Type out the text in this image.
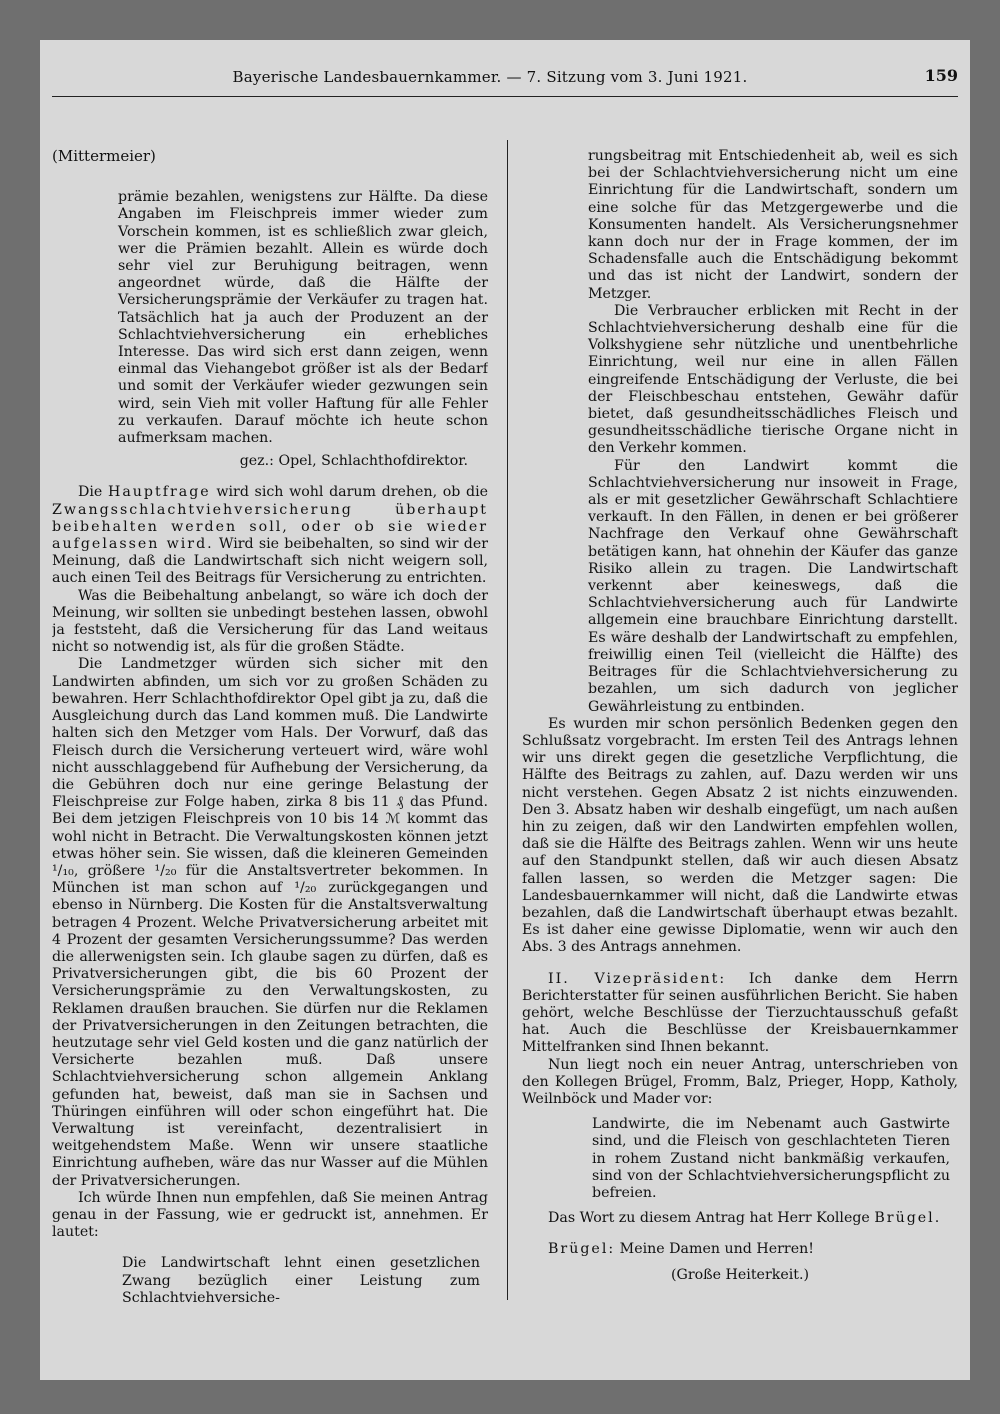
Bayerische Landesbauernkammer. — 7. Sitzung vom 3. Juni 1921.	159
(Mittermeier)

prämie bezahlen, wenigstens zur Hälfte. Da diese Angaben im Fleischpreis immer wieder zum Vorschein kommen, ist es schließlich zwar gleich, wer die Prämien bezahlt. Allein es würde doch sehr viel zur Beruhigung beitragen, wenn angeordnet würde, daß die Hälfte der Versicherungsprämie der Verkäufer zu tragen hat. Tatsächlich hat ja auch der Produzent an der Schlachtviehversicherung ein erhebliches Interesse. Das wird sich erst dann zeigen, wenn einmal das Viehangebot größer ist als der Bedarf und somit der Verkäufer wieder gezwungen sein wird, sein Vieh mit voller Haftung für alle Fehler zu verkaufen. Darauf möchte ich heute schon aufmerksam machen.

gez.: Opel, Schlachthofdirektor.

Die Hauptfrage wird sich wohl darum drehen, ob die Zwangsschlachtviehversicherung überhaupt beibehalten werden soll, oder ob sie wieder aufgelassen wird. Wird sie beibehalten, so sind wir der Meinung, daß die Landwirtschaft sich nicht weigern soll, auch einen Teil des Beitrags für Versicherung zu entrichten.

Was die Beibehaltung anbelangt, so wäre ich doch der Meinung, wir sollten sie unbedingt bestehen lassen, obwohl ja feststeht, daß die Versicherung für das Land weitaus nicht so notwendig ist, als für die großen Städte.

Die Landmetzger würden sich sicher mit den Landwirten abfinden, um sich vor zu großen Schäden zu bewahren. Herr Schlachthofdirektor Opel gibt ja zu, daß die Ausgleichung durch das Land kommen muß. Die Landwirte halten sich den Metzger vom Hals. Der Vorwurf, daß das Fleisch durch die Versicherung verteuert wird, wäre wohl nicht ausschlaggebend für Aufhebung der Versicherung, da die Gebühren doch nur eine geringe Belastung der Fleischpreise zur Folge haben, zirka 8 bis 11 ₰ das Pfund. Bei dem jetzigen Fleischpreis von 10 bis 14 ℳ kommt das wohl nicht in Betracht. Die Verwaltungskosten können jetzt etwas höher sein. Sie wissen, daß die kleineren Gemeinden ¹/₁₀, größere ¹/₂₀ für die Anstaltsvertreter bekommen. In München ist man schon auf ¹/₂₀ zurückgegangen und ebenso in Nürnberg. Die Kosten für die Anstaltsverwaltung betragen 4 Prozent. Welche Privatversicherung arbeitet mit 4 Prozent der gesamten Versicherungssumme? Das werden die allerwenigsten sein. Ich glaube sagen zu dürfen, daß es Privatversicherungen gibt, die bis 60 Prozent der Versicherungsprämie zu den Verwaltungskosten, zu Reklamen draußen brauchen. Sie dürfen nur die Reklamen der Privatversicherungen in den Zeitungen betrachten, die heutzutage sehr viel Geld kosten und die ganz natürlich der Versicherte bezahlen muß. Daß unsere Schlachtviehversicherung schon allgemein Anklang gefunden hat, beweist, daß man sie in Sachsen und Thüringen einführen will oder schon eingeführt hat. Die Verwaltung ist vereinfacht, dezentralisiert in weitgehendstem Maße. Wenn wir unsere staatliche Einrichtung aufheben, wäre das nur Wasser auf die Mühlen der Privatversicherungen.

Ich würde Ihnen nun empfehlen, daß Sie meinen Antrag genau in der Fassung, wie er gedruckt ist, annehmen. Er lautet:

Die Landwirtschaft lehnt einen gesetzlichen Zwang bezüglich einer Leistung zum Schlachtviehversiche-

rungsbeitrag mit Entschiedenheit ab, weil es sich bei der Schlachtviehversicherung nicht um eine Einrichtung für die Landwirtschaft, sondern um eine solche für das Metzgergewerbe und die Konsumenten handelt. Als Versicherungsnehmer kann doch nur der in Frage kommen, der im Schadensfalle auch die Entschädigung bekommt und das ist nicht der Landwirt, sondern der Metzger.

Die Verbraucher erblicken mit Recht in der Schlachtviehversicherung deshalb eine für die Volkshygiene sehr nützliche und unentbehrliche Einrichtung, weil nur eine in allen Fällen eingreifende Entschädigung der Verluste, die bei der Fleischbeschau entstehen, Gewähr dafür bietet, daß gesundheitsschädliches Fleisch und gesundheitsschädliche tierische Organe nicht in den Verkehr kommen.

Für den Landwirt kommt die Schlachtviehversicherung nur insoweit in Frage, als er mit gesetzlicher Gewährschaft Schlachtiere verkauft. In den Fällen, in denen er bei größerer Nachfrage den Verkauf ohne Gewährschaft betätigen kann, hat ohnehin der Käufer das ganze Risiko allein zu tragen. Die Landwirtschaft verkennt aber keineswegs, daß die Schlachtviehversicherung auch für Landwirte allgemein eine brauchbare Einrichtung darstellt. Es wäre deshalb der Landwirtschaft zu empfehlen, freiwillig einen Teil (vielleicht die Hälfte) des Beitrages für die Schlachtviehversicherung zu bezahlen, um sich dadurch von jeglicher Gewährleistung zu entbinden.

Es wurden mir schon persönlich Bedenken gegen den Schlußsatz vorgebracht. Im ersten Teil des Antrags lehnen wir uns direkt gegen die gesetzliche Verpflichtung, die Hälfte des Beitrags zu zahlen, auf. Dazu werden wir uns nicht verstehen. Gegen Absatz 2 ist nichts einzuwenden. Den 3. Absatz haben wir deshalb eingefügt, um nach außen hin zu zeigen, daß wir den Landwirten empfehlen wollen, daß sie die Hälfte des Beitrags zahlen. Wenn wir uns heute auf den Standpunkt stellen, daß wir auch diesen Absatz fallen lassen, so werden die Metzger sagen: Die Landesbauernkammer will nicht, daß die Landwirte etwas bezahlen, daß die Landwirtschaft überhaupt etwas bezahlt. Es ist daher eine gewisse Diplomatie, wenn wir auch den Abs. 3 des Antrags annehmen.

II. Vizepräsident: Ich danke dem Herrn Berichterstatter für seinen ausführlichen Bericht. Sie haben gehört, welche Beschlüsse der Tierzuchtausschuß gefaßt hat. Auch die Beschlüsse der Kreisbauernkammer Mittelfranken sind Ihnen bekannt.

Nun liegt noch ein neuer Antrag, unterschrieben von den Kollegen Brügel, Fromm, Balz, Prieger, Hopp, Katholy, Weilnböck und Mader vor:

Landwirte, die im Nebenamt auch Gastwirte sind, und die Fleisch von geschlachteten Tieren in rohem Zustand nicht bankmäßig verkaufen, sind von der Schlachtviehversicherungspflicht zu befreien.

Das Wort zu diesem Antrag hat Herr Kollege Brügel.

Brügel: Meine Damen und Herren!

(Große Heiterkeit.)
